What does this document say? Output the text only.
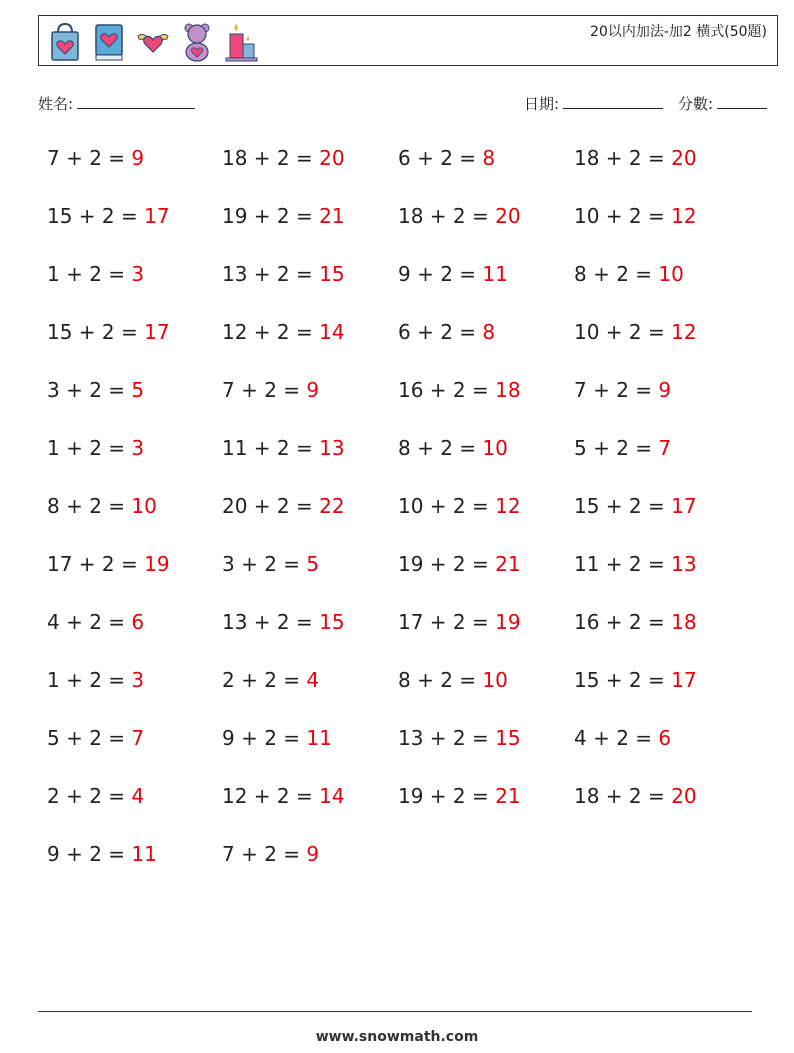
20以内加法-加2 横式(50題)
姓名:	日期:	分數:
7 + 2 = 9	18 + 2 = 20	6 + 2 = 8	18 + 2 = 20
15 + 2 = 17	19 + 2 = 21	18 + 2 = 20	10 + 2 = 12
1 + 2 = 3	13 + 2 = 15	9 + 2 = 11	8 + 2 = 10
15 + 2 = 17	12 + 2 = 14	6 + 2 = 8	10 + 2 = 12
3 + 2 = 5	7 + 2 = 9	16 + 2 = 18	7 + 2 = 9
1 + 2 = 3	11 + 2 = 13	8 + 2 = 10	5 + 2 = 7
8 + 2 = 10	20 + 2 = 22	10 + 2 = 12	15 + 2 = 17
17 + 2 = 19	3 + 2 = 5	19 + 2 = 21	11 + 2 = 13
4 + 2 = 6	13 + 2 = 15	17 + 2 = 19	16 + 2 = 18
1 + 2 = 3	2 + 2 = 4	8 + 2 = 10	15 + 2 = 17
5 + 2 = 7	9 + 2 = 11	13 + 2 = 15	4 + 2 = 6
2 + 2 = 4	12 + 2 = 14	19 + 2 = 21	18 + 2 = 20
9 + 2 = 11	7 + 2 = 9
www.snowmath.com
